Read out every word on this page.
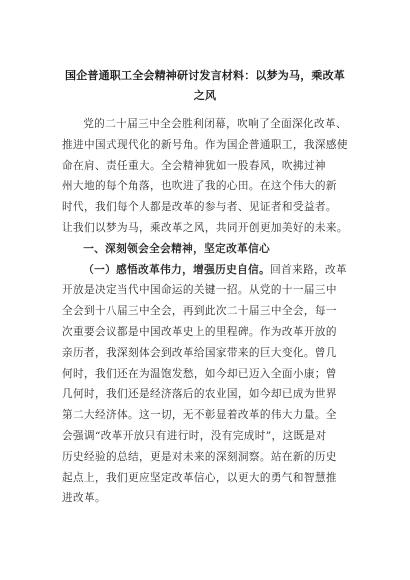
国企普通职工全会精神研讨发言材料：以梦为马，乘改革
之风
党的二十届三中全会胜利闭幕，吹响了全面深化改革、
推进中国式现代化的新号角。作为国企普通职工，我深感使
命在肩、责任重大。全会精神犹如一股春风，吹拂过神
州大地的每个角落，也吹进了我的心田。在这个伟大的新
时代，我们每个人都是改革的参与者、见证者和受益者。
让我们以梦为马，乘改革之风，共同开创更加美好的未来。
一、深刻领会全会精神，坚定改革信心
（一）感悟改革伟力，增强历史自信。回首来路，改革
开放是决定当代中国命运的关键一招。从党的十一届三中
全会到十八届三中全会，再到此次二十届三中全会，每一
次重要会议都是中国改革史上的里程碑。作为改革开放的
亲历者，我深刻体会到改革给国家带来的巨大变化。曾几
何时，我们还在为温饱发愁，如今却已迈入全面小康；曾
几何时，我们还是经济落后的农业国，如今却已成为世界
第二大经济体。这一切，无不彰显着改革的伟大力量。全
会强调“改革开放只有进行时，没有完成时”，这既是对
历史经验的总结，更是对未来的深刻洞察。站在新的历史
起点上，我们更应坚定改革信心，以更大的勇气和智慧推
进改革。
